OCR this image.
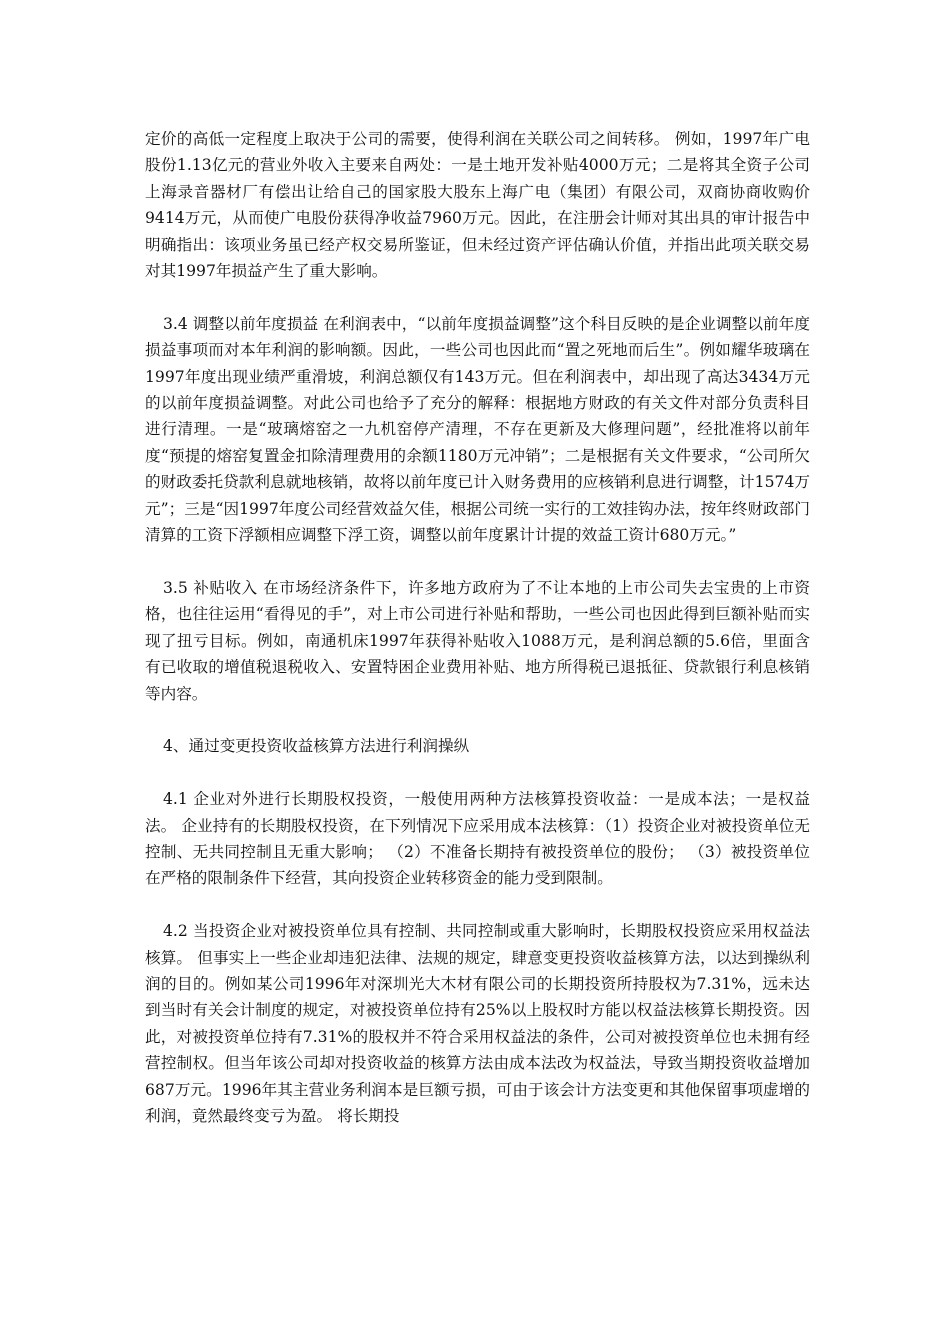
定价的高低一定程度上取决于公司的需要，使得利润在关联公司之间转移。 例如，1997年广电股份1.13亿元的营业外收入主要来自两处：一是土地开发补贴4000万元；二是将其全资子公司上海录音器材厂有偿出让给自己的国家股大股东上海广电（集团）有限公司，双商协商收购价9414万元，从而使广电股份获得净收益7960万元。因此，在注册会计师对其出具的审计报告中明确指出：该项业务虽已经产权交易所鉴证，但未经过资产评估确认价值，并指出此项关联交易对其1997年损益产生了重大影响。

3.4 调整以前年度损益 在利润表中，“以前年度损益调整”这个科目反映的是企业调整以前年度损益事项而对本年利润的影响额。因此，一些公司也因此而“置之死地而后生”。例如耀华玻璃在1997年度出现业绩严重滑坡，利润总额仅有143万元。但在利润表中，却出现了高达3434万元的以前年度损益调整。对此公司也给予了充分的解释：根据地方财政的有关文件对部分负责科目进行清理。一是“玻璃熔窑之一九机窑停产清理，不存在更新及大修理问题”，经批准将以前年度“预提的熔窑复置金扣除清理费用的余额1180万元冲销”；二是根据有关文件要求，“公司所欠的财政委托贷款利息就地核销，故将以前年度已计入财务费用的应核销利息进行调整，计1574万元”；三是“因1997年度公司经营效益欠佳，根据公司统一实行的工效挂钩办法，按年终财政部门清算的工资下浮额相应调整下浮工资，调整以前年度累计计提的效益工资计680万元。”

3.5 补贴收入 在市场经济条件下，许多地方政府为了不让本地的上市公司失去宝贵的上市资格，也往往运用“看得见的手”，对上市公司进行补贴和帮助，一些公司也因此得到巨额补贴而实现了扭亏目标。例如，南通机床1997年获得补贴收入1088万元，是利润总额的5.6倍，里面含有已收取的增值税退税收入、安置特困企业费用补贴、地方所得税已退抵征、贷款银行利息核销等内容。

4、通过变更投资收益核算方法进行利润操纵

4.1 企业对外进行长期股权投资，一般使用两种方法核算投资收益：一是成本法；一是权益法。 企业持有的长期股权投资，在下列情况下应采用成本法核算：（1）投资企业对被投资单位无控制、无共同控制且无重大影响； （2）不准备长期持有被投资单位的股份； （3）被投资单位在严格的限制条件下经营，其向投资企业转移资金的能力受到限制。

4.2 当投资企业对被投资单位具有控制、共同控制或重大影响时，长期股权投资应采用权益法核算。 但事实上一些企业却违犯法律、法规的规定，肆意变更投资收益核算方法，以达到操纵利润的目的。例如某公司1996年对深圳光大木材有限公司的长期投资所持股权为7.31%，远未达到当时有关会计制度的规定，对被投资单位持有25%以上股权时方能以权益法核算长期投资。因此，对被投资单位持有7.31%的股权并不符合采用权益法的条件，公司对被投资单位也未拥有经营控制权。但当年该公司却对投资收益的核算方法由成本法改为权益法，导致当期投资收益增加687万元。1996年其主营业务利润本是巨额亏损，可由于该会计方法变更和其他保留事项虚增的利润，竟然最终变亏为盈。 将长期投
